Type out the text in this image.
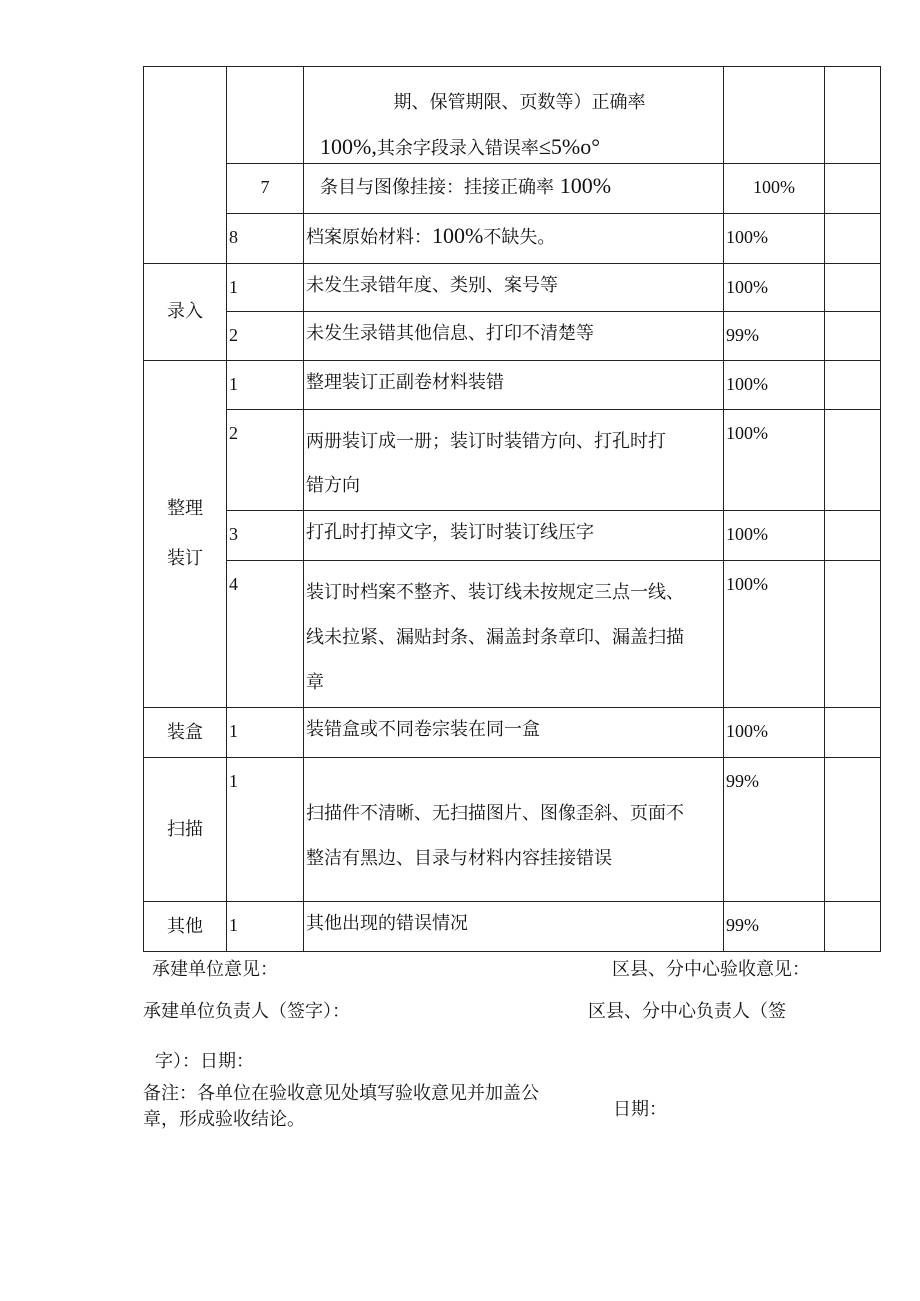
		期、保管期限、页数等）正确率
100%,其余字段录入错误率≤5%o°		

	7	条目与图像挂接：挂接正确率 100%	100%	
	8	档案原始材料：100%不缺失。	100%	
录入	1	未发生录错年度、类别、案号等	100%	
	2	未发生录错其他信息、打印不清楚等	99%	

整理
装订	1	整理装订正副卷材料装错	100%	
	2	两册装订成一册；装订时装错方向、打孔时打
错方向	100%	
	3	打孔时打掉文字，装订时装订线压字	100%	
	4	装订时档案不整齐、装订线未按规定三点一线、
线未拉紧、漏贴封条、漏盖封条章印、漏盖扫描
章	100%	
装盒	1	装错盒或不同卷宗装在同一盒	100%	
扫描	1	扫描件不清晰、无扫描图片、图像歪斜、页面不
整洁有黑边、目录与材料内容挂接错误	99%	
其他	1	其他出现的错误情况	99%	
承建单位意见：	区县、分中心验收意见：
承建单位负责人（签字）：	区县、分中心负责人（签
字）：日期：
备注：各单位在验收意见处填写验收意见并加盖公
章，形成验收结论。	日期：
